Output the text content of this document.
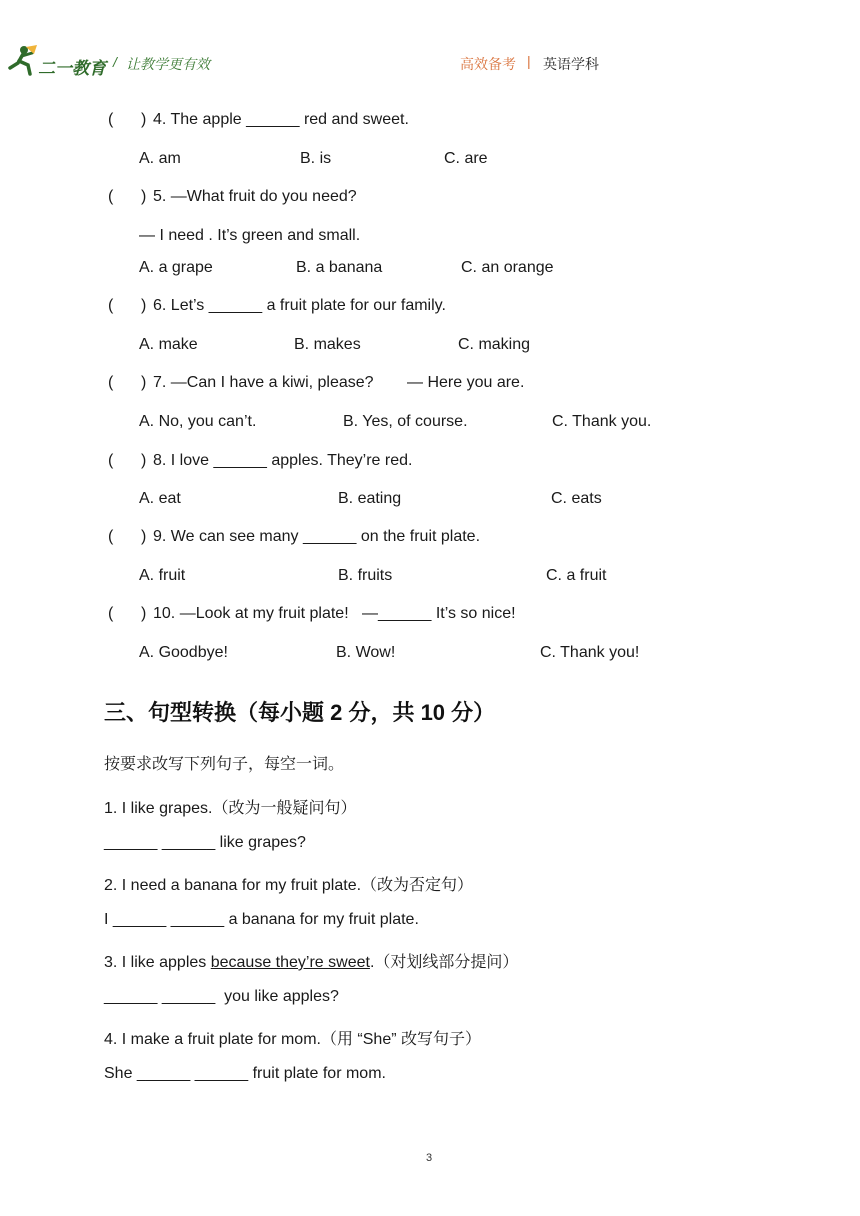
二一教育 / 让教学更有效	高效备考 | 英语学科
( ) 4. The apple ______ red and sweet.
A. am	B. is	C. are
( ) 5. —What fruit do you need?
— I need . It’s green and small.
A. a grape	B. a banana	C. an orange
( ) 6. Let’s ______ a fruit plate for our family.
A. make	B. makes	C. making
( ) 7. —Can I have a kiwi, please? — Here you are.
A. No, you can’t.	B. Yes, of course.	C. Thank you.
( ) 8. I love ______ apples. They’re red.
A. eat	B. eating	C. eats
( ) 9. We can see many ______ on the fruit plate.
A. fruit	B. fruits	C. a fruit
( ) 10. —Look at my fruit plate!   —______ It’s so nice!
A. Goodbye!	B. Wow!	C. Thank you!
三、句型转换（每小题 2 分，共 10 分）
按要求改写下列句子，每空一词。
1. I like grapes.（改为一般疑问句）
______ ______ like grapes?
2. I need a banana for my fruit plate.（改为否定句）
I ______ ______ a banana for my fruit plate.
3. I like apples because they’re sweet.（对划线部分提问）
______ ______  you like apples?
4. I make a fruit plate for mom.（用 “She” 改写句子）
She ______ ______ fruit plate for mom.
3
